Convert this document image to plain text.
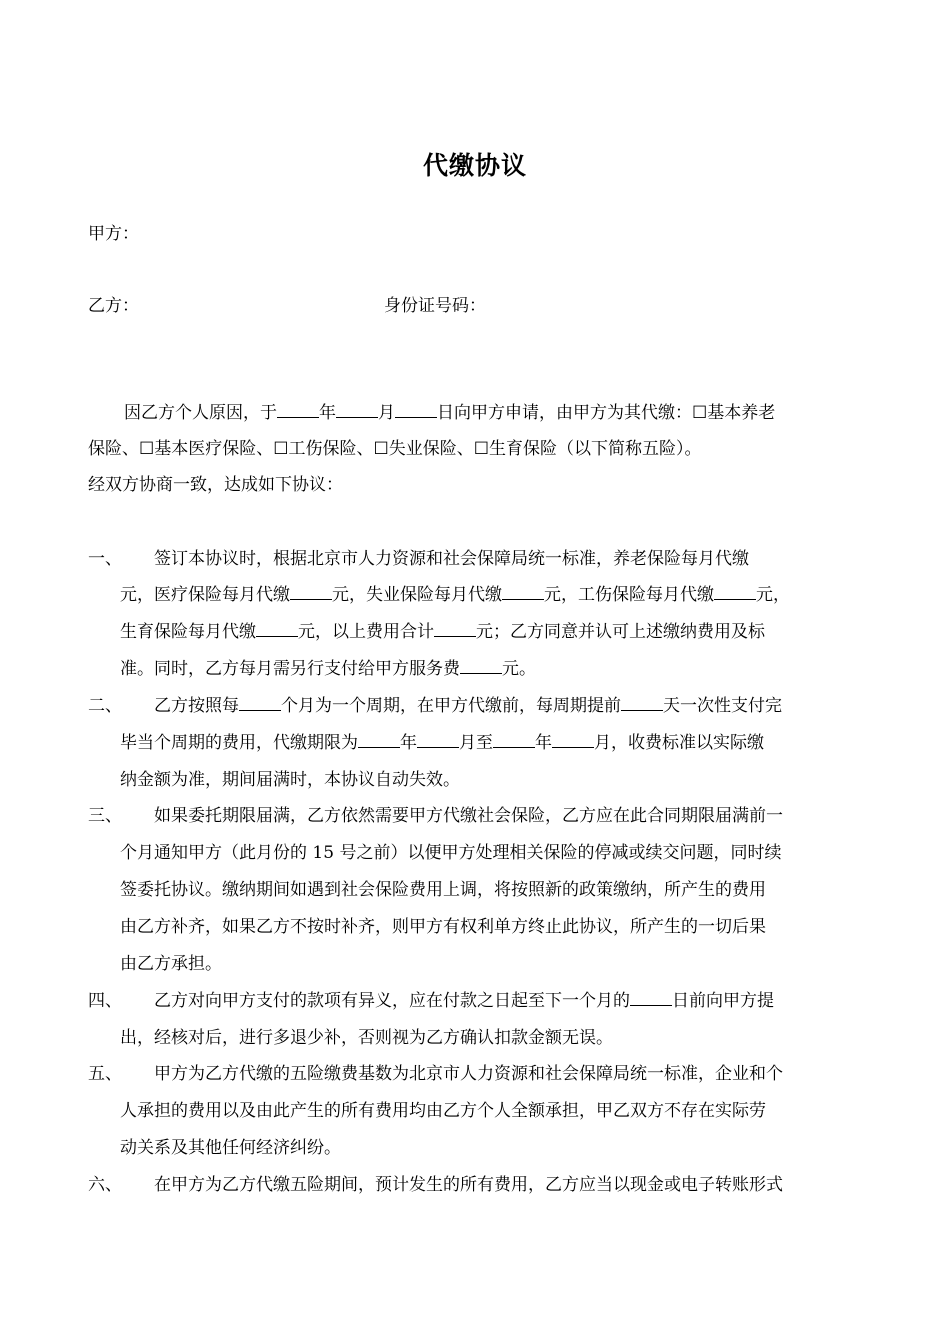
代缴协议
甲方：
乙方：	身份证号码：
因乙方个人原因，于 年 月 日向甲方申请，由甲方为其代缴：☐基本养老
保险、☐基本医疗保险、☐工伤保险、☐失业保险、☐生育保险（以下简称五险）。
经双方协商一致，达成如下协议：
一、 签订本协议时，根据北京市人力资源和社会保障局统一标准，养老保险每月代缴
元，医疗保险每月代缴 元，失业保险每月代缴 元，工伤保险每月代缴 元，
生育保险每月代缴 元，以上费用合计 元；乙方同意并认可上述缴纳费用及标
准。同时，乙方每月需另行支付给甲方服务费 元。
二、 乙方按照每 个月为一个周期，在甲方代缴前，每周期提前 天一次性支付完
毕当个周期的费用，代缴期限为 年 月至 年 月，收费标准以实际缴
纳金额为准，期间届满时，本协议自动失效。
三、 如果委托期限届满，乙方依然需要甲方代缴社会保险，乙方应在此合同期限届满前一
个月通知甲方（此月份的 15 号之前）以便甲方处理相关保险的停减或续交问题，同时续
签委托协议。缴纳期间如遇到社会保险费用上调，将按照新的政策缴纳，所产生的费用
由乙方补齐，如果乙方不按时补齐，则甲方有权利单方终止此协议，所产生的一切后果
由乙方承担。
四、 乙方对向甲方支付的款项有异义，应在付款之日起至下一个月的 日前向甲方提
出，经核对后，进行多退少补，否则视为乙方确认扣款金额无误。
五、 甲方为乙方代缴的五险缴费基数为北京市人力资源和社会保障局统一标准，企业和个
人承担的费用以及由此产生的所有费用均由乙方个人全额承担，甲乙双方不存在实际劳
动关系及其他任何经济纠纷。
六、 在甲方为乙方代缴五险期间，预计发生的所有费用，乙方应当以现金或电子转账形式
